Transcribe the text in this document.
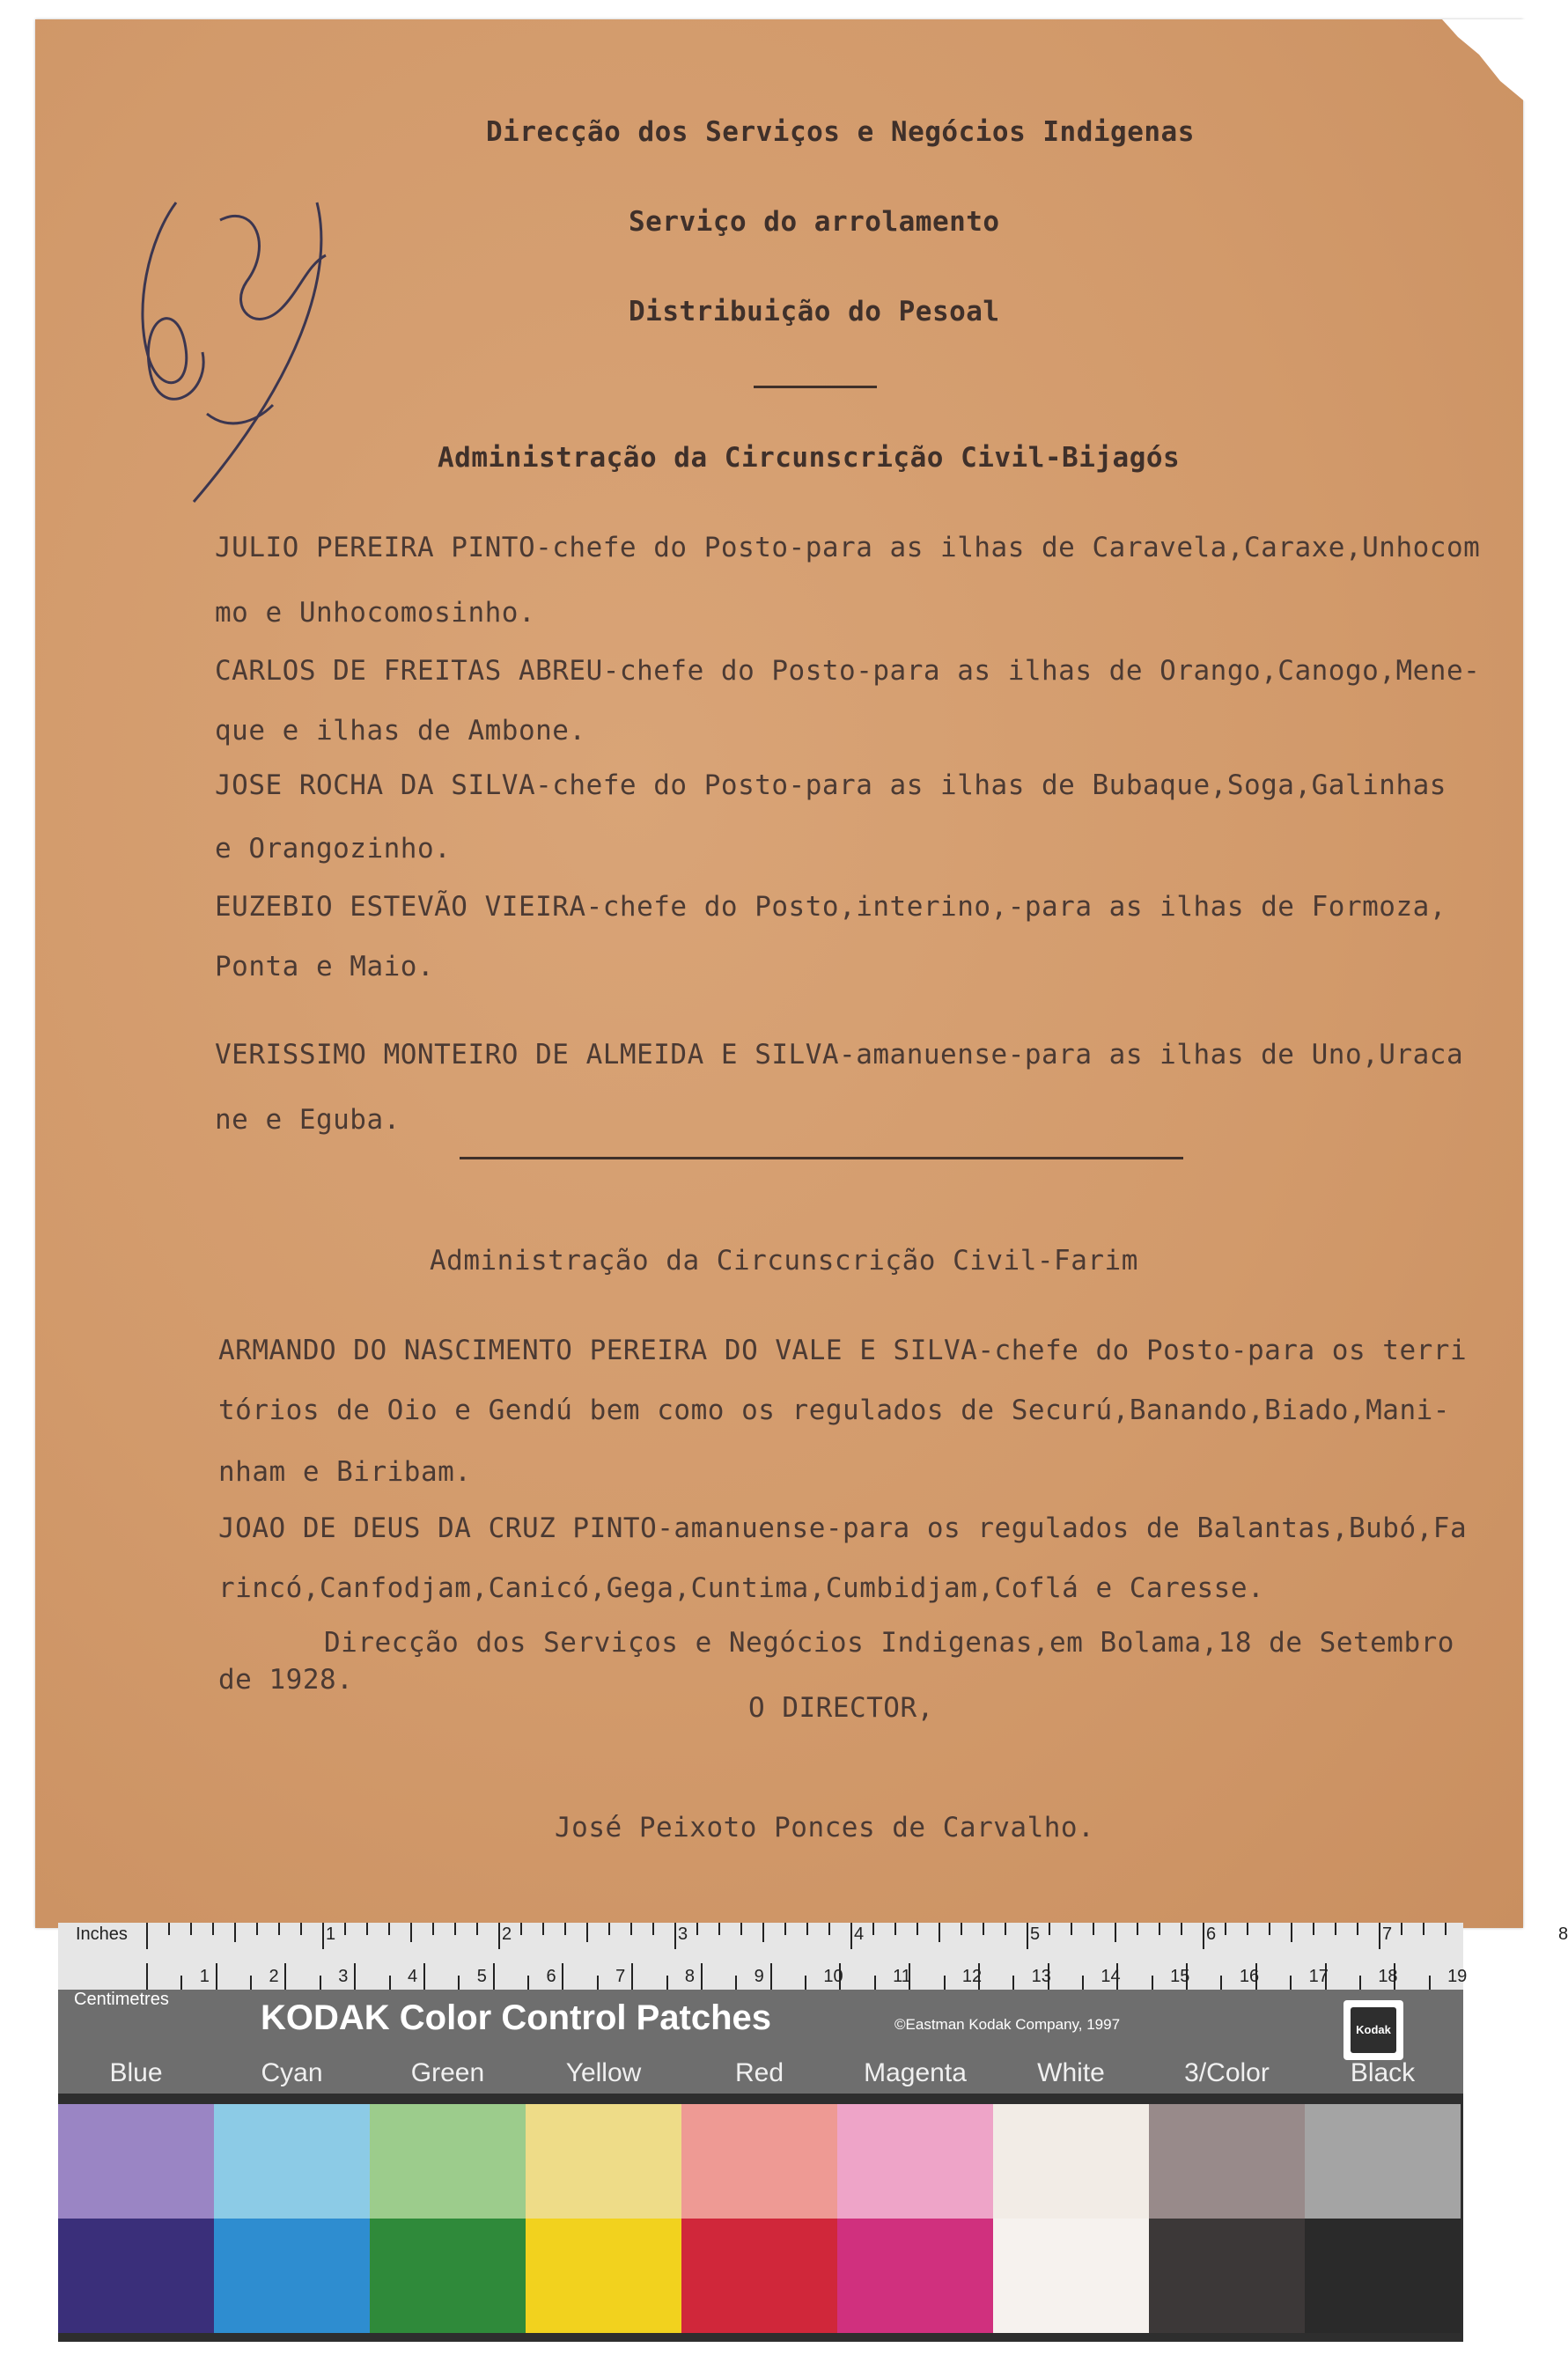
Direcção dos Serviços e Negócios Indigenas
Serviço do arrolamento
Distribuição do Pesoal
Administração da Circunscrição Civil-Bijagós
JULIO PEREIRA PINTO-chefe do Posto-para as ilhas de Caravela,Caraxe,Unhocom
mo e Unhocomosinho.
CARLOS DE FREITAS ABREU-chefe do Posto-para as ilhas de Orango,Canogo,Mene-
que e ilhas de Ambone.
JOSE ROCHA DA SILVA-chefe do Posto-para as ilhas de Bubaque,Soga,Galinhas
e Orangozinho.
EUZEBIO ESTEVÃO VIEIRA-chefe do Posto,interino,-para as ilhas de Formoza,
Ponta e Maio.
VERISSIMO MONTEIRO DE ALMEIDA E SILVA-amanuense-para as ilhas de Uno,Uraca
ne e Eguba.
Administração da Circunscrição Civil-Farim
ARMANDO DO NASCIMENTO PEREIRA DO VALE E SILVA-chefe do Posto-para os terri
tórios de Oio e Gendú bem como os regulados de Securú,Banando,Biado,Mani-
nham e Biribam.
JOAO DE DEUS DA CRUZ PINTO-amanuense-para os regulados de Balantas,Bubó,Fa
rincó,Canfodjam,Canicó,Gega,Cuntima,Cumbidjam,Coflá e Caresse.
Direcção dos Serviços e Negócios Indigenas,em Bolama,18 de Setembro
de 1928.
O DIRECTOR,
José Peixoto Ponces de Carvalho.
Inches	1	2	3	4	5	6	7	8
1	2	3	4	5	6	7	8	9	10	11	12	13	14	15	16	17	18	19
Centimetres	KODAK Color Control Patches	©Eastman Kodak Company, 1997	Kodak
Blue	Cyan	Green	Yellow	Red	Magenta	White	3/Color	Black
